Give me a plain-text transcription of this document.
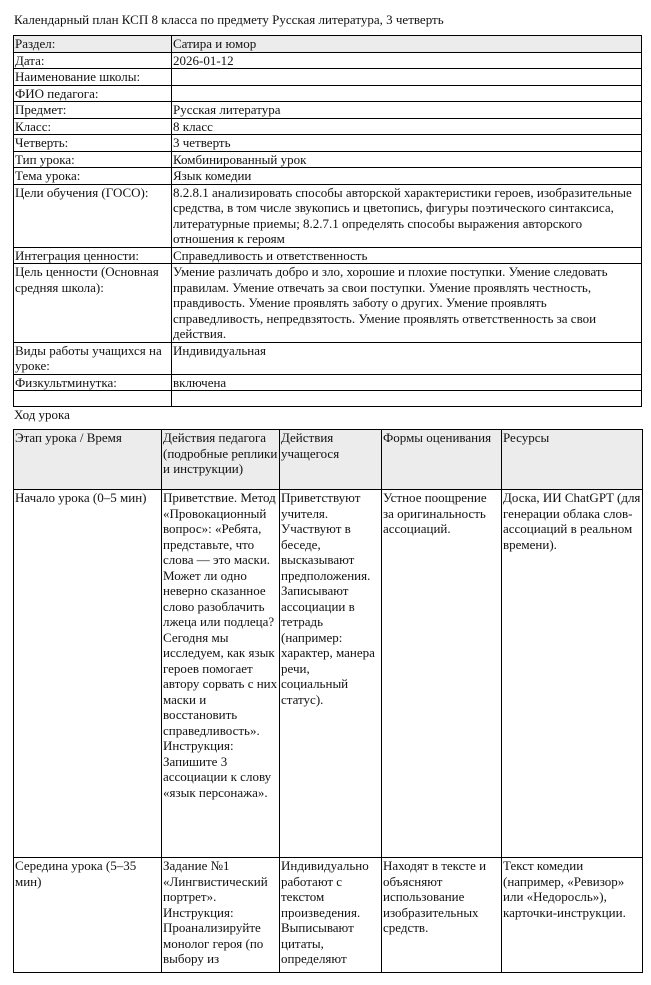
Календарный план КСП 8 класса по предмету Русская литература, 3 четверть
Раздел:	Сатира и юмор
Дата:	2026-01-12
Наименование школы:	
ФИО педагога:	
Предмет:	Русская литература
Класс:	8 класс
Четверть:	3 четверть
Тип урока:	Комбинированный урок
Тема урока:	Язык комедии
Цели обучения (ГОСО):	8.2.8.1 анализировать способы авторской характеристики героев, изобразительные средства, в том числе звукопись и цветопись, фигуры поэтического синтаксиса, литературные приемы; 8.2.7.1 определять способы выражения авторского отношения к героям
Интеграция ценности:	Справедливость и ответственность
Цель ценности (Основная средняя школа):	Умение различать добро и зло, хорошие и плохие поступки. Умение следовать правилам. Умение отвечать за свои поступки. Умение проявлять честность, правдивость. Умение проявлять заботу о других. Умение проявлять справедливость, непредвзятость. Умение проявлять ответственность за свои действия.
Виды работы учащихся на уроке:	Индивидуальная
Физкультминутка:	включена

Ход урока
Этап урока / Время	Действия педагога (подробные реплики и инструкции)	Действия учащегося	Формы оценивания	Ресурсы
Начало урока (0–5 мин)	Приветствие. Метод «Провокационный вопрос»: «Ребята, представьте, что слова — это маски. Может ли одно неверно сказанное слово разоблачить лжеца или подлеца? Сегодня мы исследуем, как язык героев помогает автору сорвать с них маски и восстановить справедливость». Инструкция: Запишите 3 ассоциации к слову «язык персонажа».	Приветствуют учителя. Участвуют в беседе, высказывают предположения. Записывают ассоциации в тетрадь (например: характер, манера речи, социальный статус).	Устное поощрение за оригинальность ассоциаций.	Доска, ИИ ChatGPT (для генерации облака слов-ассоциаций в реальном времени).
Середина урока (5–35 мин)	Задание №1 «Лингвистический портрет». Инструкция: Проанализируйте монолог героя (по выбору из	Индивидуально работают с текстом произведения. Выписывают цитаты, определяют	Находят в тексте и объясняют использование изобразительных средств.	Текст комедии (например, «Ревизор» или «Недоросль»), карточки-инструкции.
